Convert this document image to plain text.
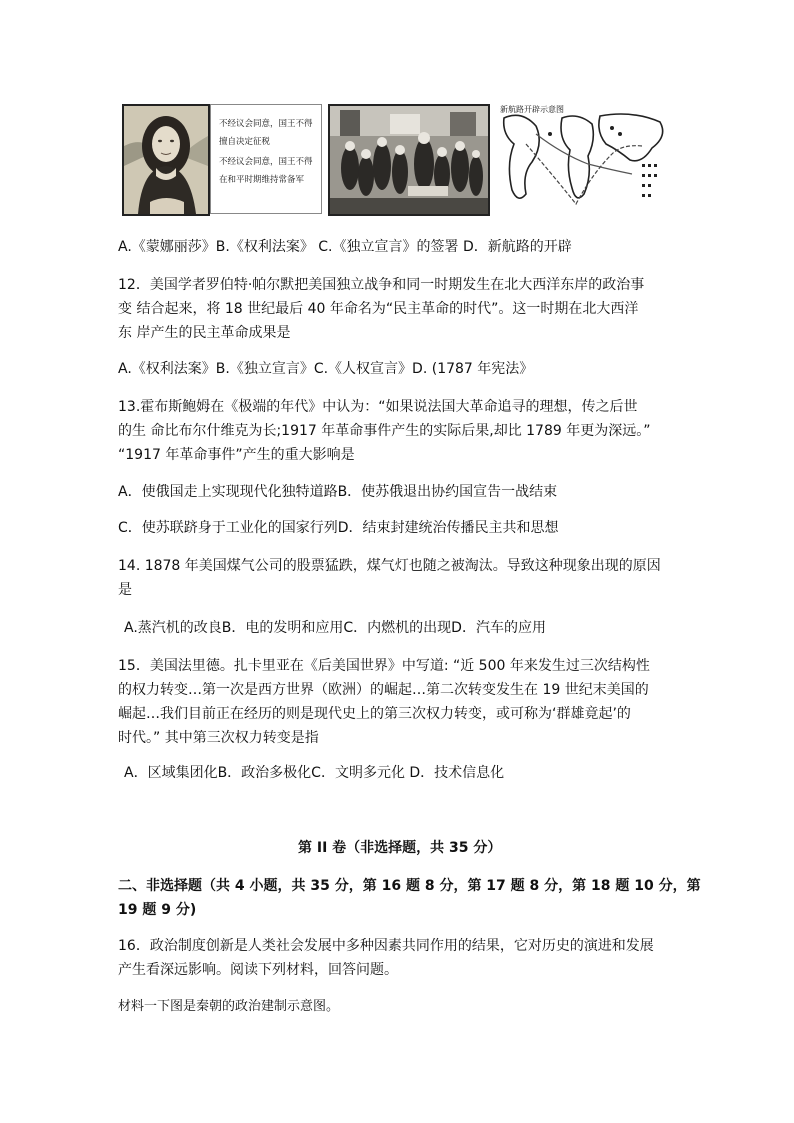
不经议会同意，国王不得
擅自决定征税
不经议会同意，国王不得
在和平时期维持常备军
新航路开辟示意图
A.《蒙娜丽莎》B.《权利法案》 C.《独立宣言》的签署 D．新航路的开辟
12．美国学者罗伯特·帕尔默把美国独立战争和同一时期发生在北大西洋东岸的政治事
变 结合起来，将 18 世纪最后 40 年命名为“民主革命的时代”。这一时期在北大西洋
东 岸产生的民主革命成果是
A.《权利法案》B.《独立宣言》C.《人权宣言》D. (1787 年宪法》
13.霍布斯鲍姆在《极端的年代》中认为：“如果说法国大革命追寻的理想，传之后世
的生 命比布尔什维克为长;1917 年革命事件产生的实际后果,却比 1789 年更为深远。”
“1917 年革命事件”产生的重大影响是
A．使俄国走上实现现代化独特道路B．使苏俄退出协约国宣告一战结束
C．使苏联跻身于工业化的国家行列D．结束封建统治传播民主共和思想
14. 1878 年美国煤气公司的股票猛跌，煤气灯也随之被淘汰。导致这种现象出现的原因
是
A.蒸汽机的改良B．电的发明和应用C．内燃机的出现D．汽车的应用
15．美国法里德。扎卡里亚在《后美国世界》中写道: “近 500 年来发生过三次结构性
的权力转变…第一次是西方世界（欧洲）的崛起…第二次转变发生在 19 世纪末美国的
崛起…我们目前正在经历的则是现代史上的第三次权力转变，或可称为‘群雄竟起’的
时代。” 其中第三次权力转变是指
A．区域集团化B．政治多极化C．文明多元化 D．技术信息化
第 II 卷（非选择题，共 35 分）
二、非选择题（共 4 小题，共 35 分，第 16 题 8 分，第 17 题 8 分，第 18 题 10 分，第
19 题 9 分)
16．政治制度创新是人类社会发展中多种因素共同作用的结果，它对历史的演进和发展
产生看深远影响。阅读下列材料，回答问题。
材料一下图是秦朝的政治建制示意图。
